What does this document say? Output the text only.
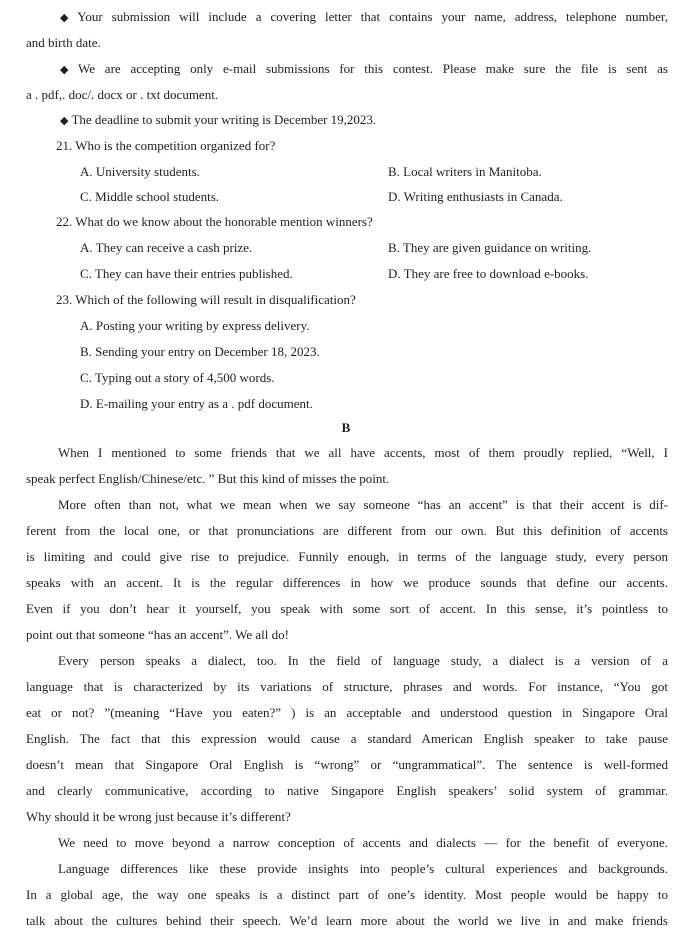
◆ Your submission will include a covering letter that contains your name, address, telephone number,
and birth date.
◆ We are accepting only e-mail submissions for this contest. Please make sure the file is sent as
a . pdf,. doc/. docx or . txt document.
◆ The deadline to submit your writing is December 19,2023.
21. Who is the competition organized for?
A. University students.	B. Local writers in Manitoba.
C. Middle school students.	D. Writing enthusiasts in Canada.
22. What do we know about the honorable mention winners?
A. They can receive a cash prize.	B. They are given guidance on writing.
C. They can have their entries published.	D. They are free to download e-books.
23. Which of the following will result in disqualification?
A. Posting your writing by express delivery.
B. Sending your entry on December 18, 2023.
C. Typing out a story of 4,500 words.
D. E-mailing your entry as a . pdf document.
B
When I mentioned to some friends that we all have accents, most of them proudly replied, “Well, I
speak perfect English/Chinese/etc. ” But this kind of misses the point.
More often than not, what we mean when we say someone “has an accent” is that their accent is dif-
ferent from the local one, or that pronunciations are different from our own. But this definition of accents
is limiting and could give rise to prejudice. Funnily enough, in terms of the language study, every person
speaks with an accent. It is the regular differences in how we produce sounds that define our accents.
Even if you don’t hear it yourself, you speak with some sort of accent. In this sense, it’s pointless to
point out that someone “has an accent”. We all do!
Every person speaks a dialect, too. In the field of language study, a dialect is a version of a
language that is characterized by its variations of structure, phrases and words. For instance, “You got
eat or not? ”(meaning “Have you eaten?” ) is an acceptable and understood question in Singapore Oral
English. The fact that this expression would cause a standard American English speaker to take pause
doesn’t mean that Singapore Oral English is “wrong” or “ungrammatical”. The sentence is well-formed
and clearly communicative, according to native Singapore English speakers’ solid system of grammar.
Why should it be wrong just because it’s different?
We need to move beyond a narrow conception of accents and dialects — for the benefit of everyone.
Language differences like these provide insights into people’s cultural experiences and backgrounds.
In a global age, the way one speaks is a distinct part of one’s identity. Most people would be happy to
talk about the cultures behind their speech. We’d learn more about the world we live in and make friends
